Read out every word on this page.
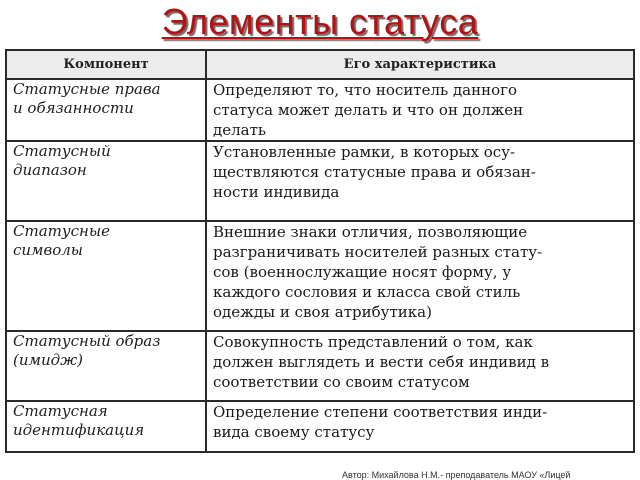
Элементы статуса
Компонент	Его характеристика
Статусные права
и обязанности	Определяют то, что носитель данного
статуса может делать и что он должен
делать
Статусный
диапазон	Установленные рамки, в которых осу-
ществляются статусные права и обязан-
ности индивида
Статусные
символы	Внешние знаки отличия, позволяющие
разграничивать носителей разных стату-
сов (военнослужащие носят форму, у
каждого сословия и класса свой стиль
одежды и своя атрибутика)
Статусный образ
(имидж)	Совокупность представлений о том, как
должен выглядеть и вести себя индивид в
соответствии со своим статусом
Статусная
идентификация	Определение степени соответствия инди-
вида своему статусу
Автор: Михайлова Н.М.- преподаватель МАОУ «Лицей
